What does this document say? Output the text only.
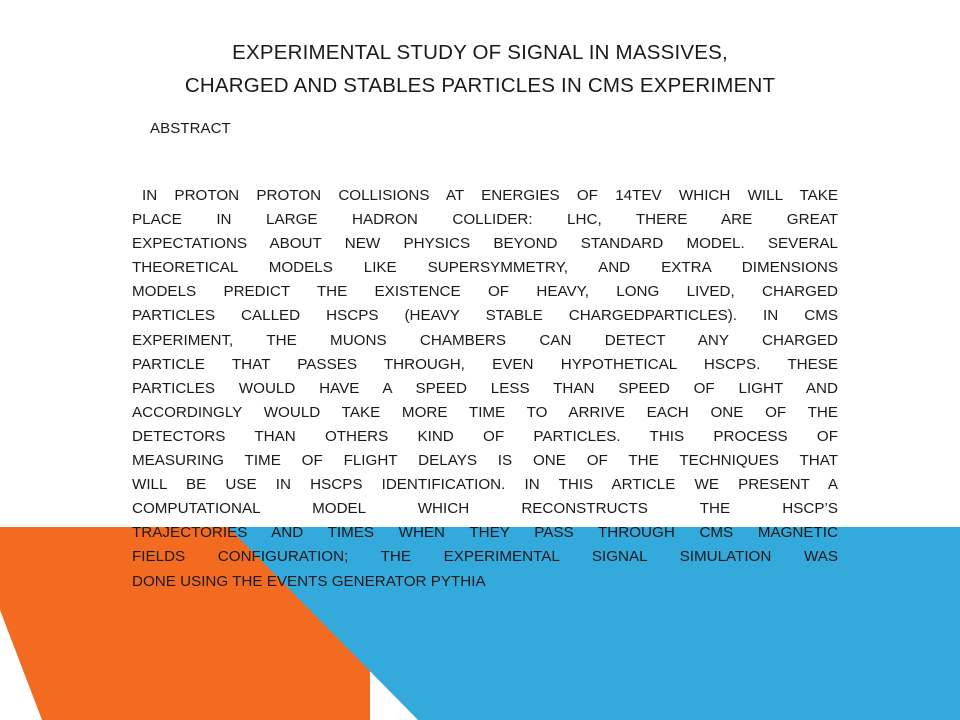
EXPERIMENTAL STUDY OF SIGNAL IN MASSIVES,
CHARGED AND STABLES PARTICLES IN CMS EXPERIMENT
ABSTRACT
IN PROTON PROTON COLLISIONS AT ENERGIES OF 14TEV WHICH WILL TAKE
PLACE IN LARGE HADRON COLLIDER: LHC, THERE ARE GREAT
EXPECTATIONS ABOUT NEW PHYSICS BEYOND STANDARD MODEL. SEVERAL
THEORETICAL MODELS LIKE SUPERSYMMETRY, AND EXTRA DIMENSIONS
MODELS PREDICT THE EXISTENCE OF HEAVY, LONG LIVED, CHARGED
PARTICLES CALLED HSCPS (HEAVY STABLE CHARGEDPARTICLES). IN CMS
EXPERIMENT, THE MUONS CHAMBERS CAN DETECT ANY CHARGED
PARTICLE THAT PASSES THROUGH, EVEN HYPOTHETICAL HSCPS. THESE
PARTICLES WOULD HAVE A SPEED LESS THAN SPEED OF LIGHT AND
ACCORDINGLY WOULD TAKE MORE TIME TO ARRIVE EACH ONE OF THE
DETECTORS THAN OTHERS KIND OF PARTICLES. THIS PROCESS OF
MEASURING TIME OF FLIGHT DELAYS IS ONE OF THE TECHNIQUES THAT
WILL BE USE IN HSCPS IDENTIFICATION. IN THIS ARTICLE WE PRESENT A
COMPUTATIONAL MODEL WHICH RECONSTRUCTS THE HSCP’S
TRAJECTORIES AND TIMES WHEN THEY PASS THROUGH CMS MAGNETIC
FIELDS CONFIGURATION; THE EXPERIMENTAL SIGNAL SIMULATION WAS
DONE USING THE EVENTS GENERATOR PYTHIA
